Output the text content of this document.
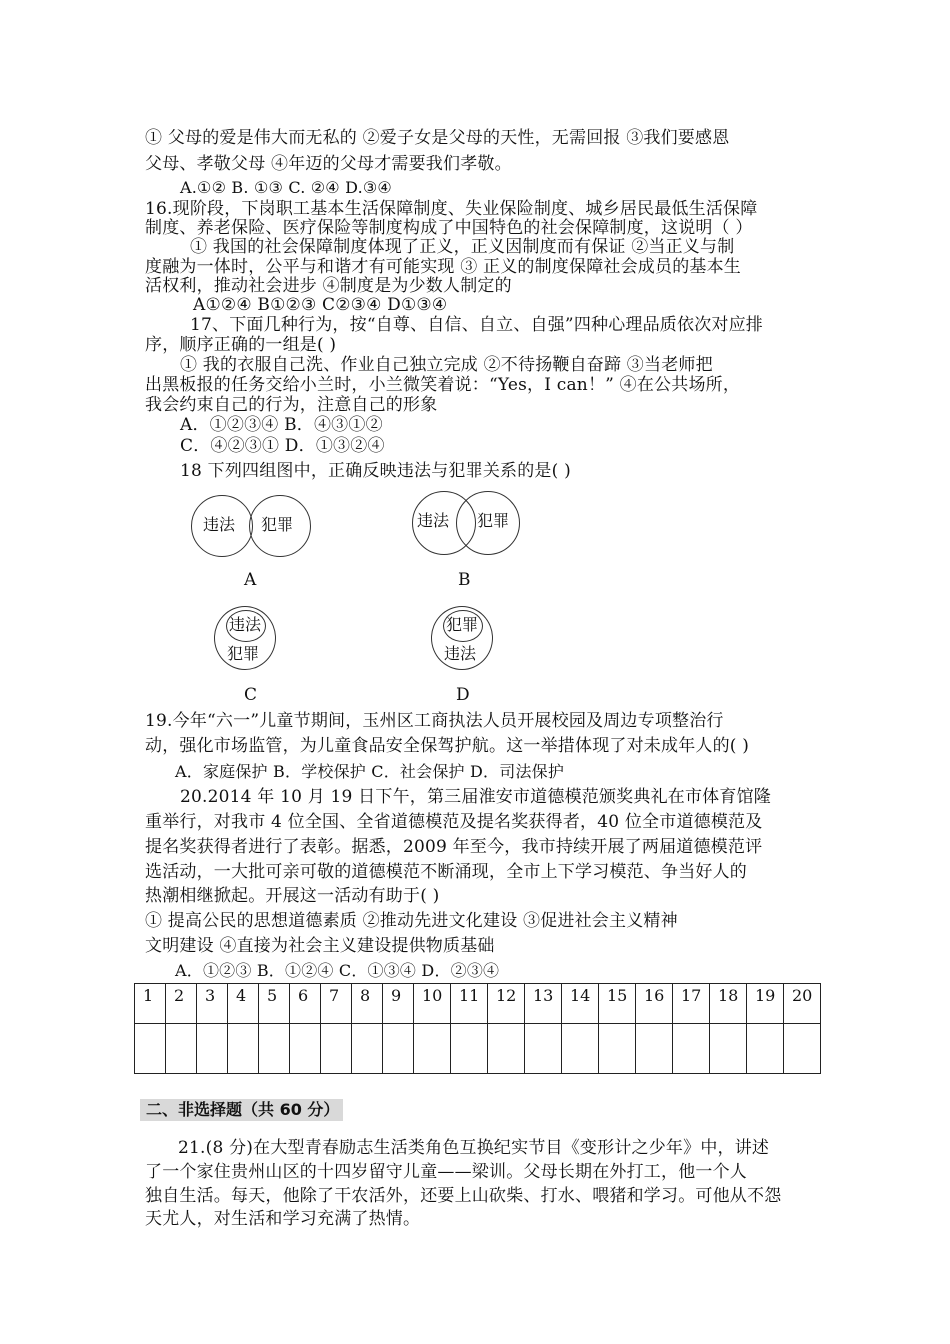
① 父母的爱是伟大而无私的 ②爱子女是父母的天性，无需回报 ③我们要感恩
父母、孝敬父母 ④年迈的父母才需要我们孝敬。
A.①② B. ①③ C. ②④ D.③④
16.现阶段，下岗职工基本生活保障制度、失业保险制度、城乡居民最低生活保障
制度、养老保险、医疗保险等制度构成了中国特色的社会保障制度，这说明（ ）
① 我国的社会保障制度体现了正义，正义因制度而有保证 ②当正义与制
度融为一体时，公平与和谐才有可能实现 ③ 正义的制度保障社会成员的基本生
活权利，推动社会进步 ④制度是为少数人制定的
A①②④ B①②③ C②③④ D①③④
17、下面几种行为，按“自尊、自信、自立、自强”四种心理品质依次对应排
序，顺序正确的一组是( )
① 我的衣服自己洗、作业自己独立完成 ②不待扬鞭自奋蹄 ③当老师把
出黑板报的任务交给小兰时，小兰微笑着说：“Yes，I can！” ④在公共场所，
我会约束自己的行为，注意自己的形象
A．①②③④ B．④③①②
C．④②③① D．①③②④
18 下列四组图中，正确反映违法与犯罪关系的是( )
违法 犯罪
A
违法 犯罪
B
违法
犯罪
C
犯罪
违法
D
19.今年“六一”儿童节期间，玉州区工商执法人员开展校园及周边专项整治行
动，强化市场监管，为儿童食品安全保驾护航。这一举措体现了对未成年人的( )
A．家庭保护 B．学校保护 C．社会保护 D．司法保护
20.2014 年 10 月 19 日下午，第三届淮安市道德模范颁奖典礼在市体育馆隆
重举行，对我市 4 位全国、全省道德模范及提名奖获得者，40 位全市道德模范及
提名奖获得者进行了表彰。据悉，2009 年至今，我市持续开展了两届道德模范评
选活动，一大批可亲可敬的道德模范不断涌现，全市上下学习模范、争当好人的
热潮相继掀起。开展这一活动有助于( )
① 提高公民的思想道德素质 ②推动先进文化建设 ③促进社会主义精神
文明建设 ④直接为社会主义建设提供物质基础
A．①②③ B．①②④ C．①③④ D．②③④
1	2	3	4	5	6	7	8	9	10	11	12	13	14	15	16	17	18	19	20

二、非选择题（共 60 分）
21.(8 分)在大型青春励志生活类角色互换纪实节目《变形计之少年》中，讲述
了一个家住贵州山区的十四岁留守儿童——梁训。父母长期在外打工，他一个人
独自生活。每天，他除了干农活外，还要上山砍柴、打水、喂猪和学习。可他从不怨
天尤人，对生活和学习充满了热情。
